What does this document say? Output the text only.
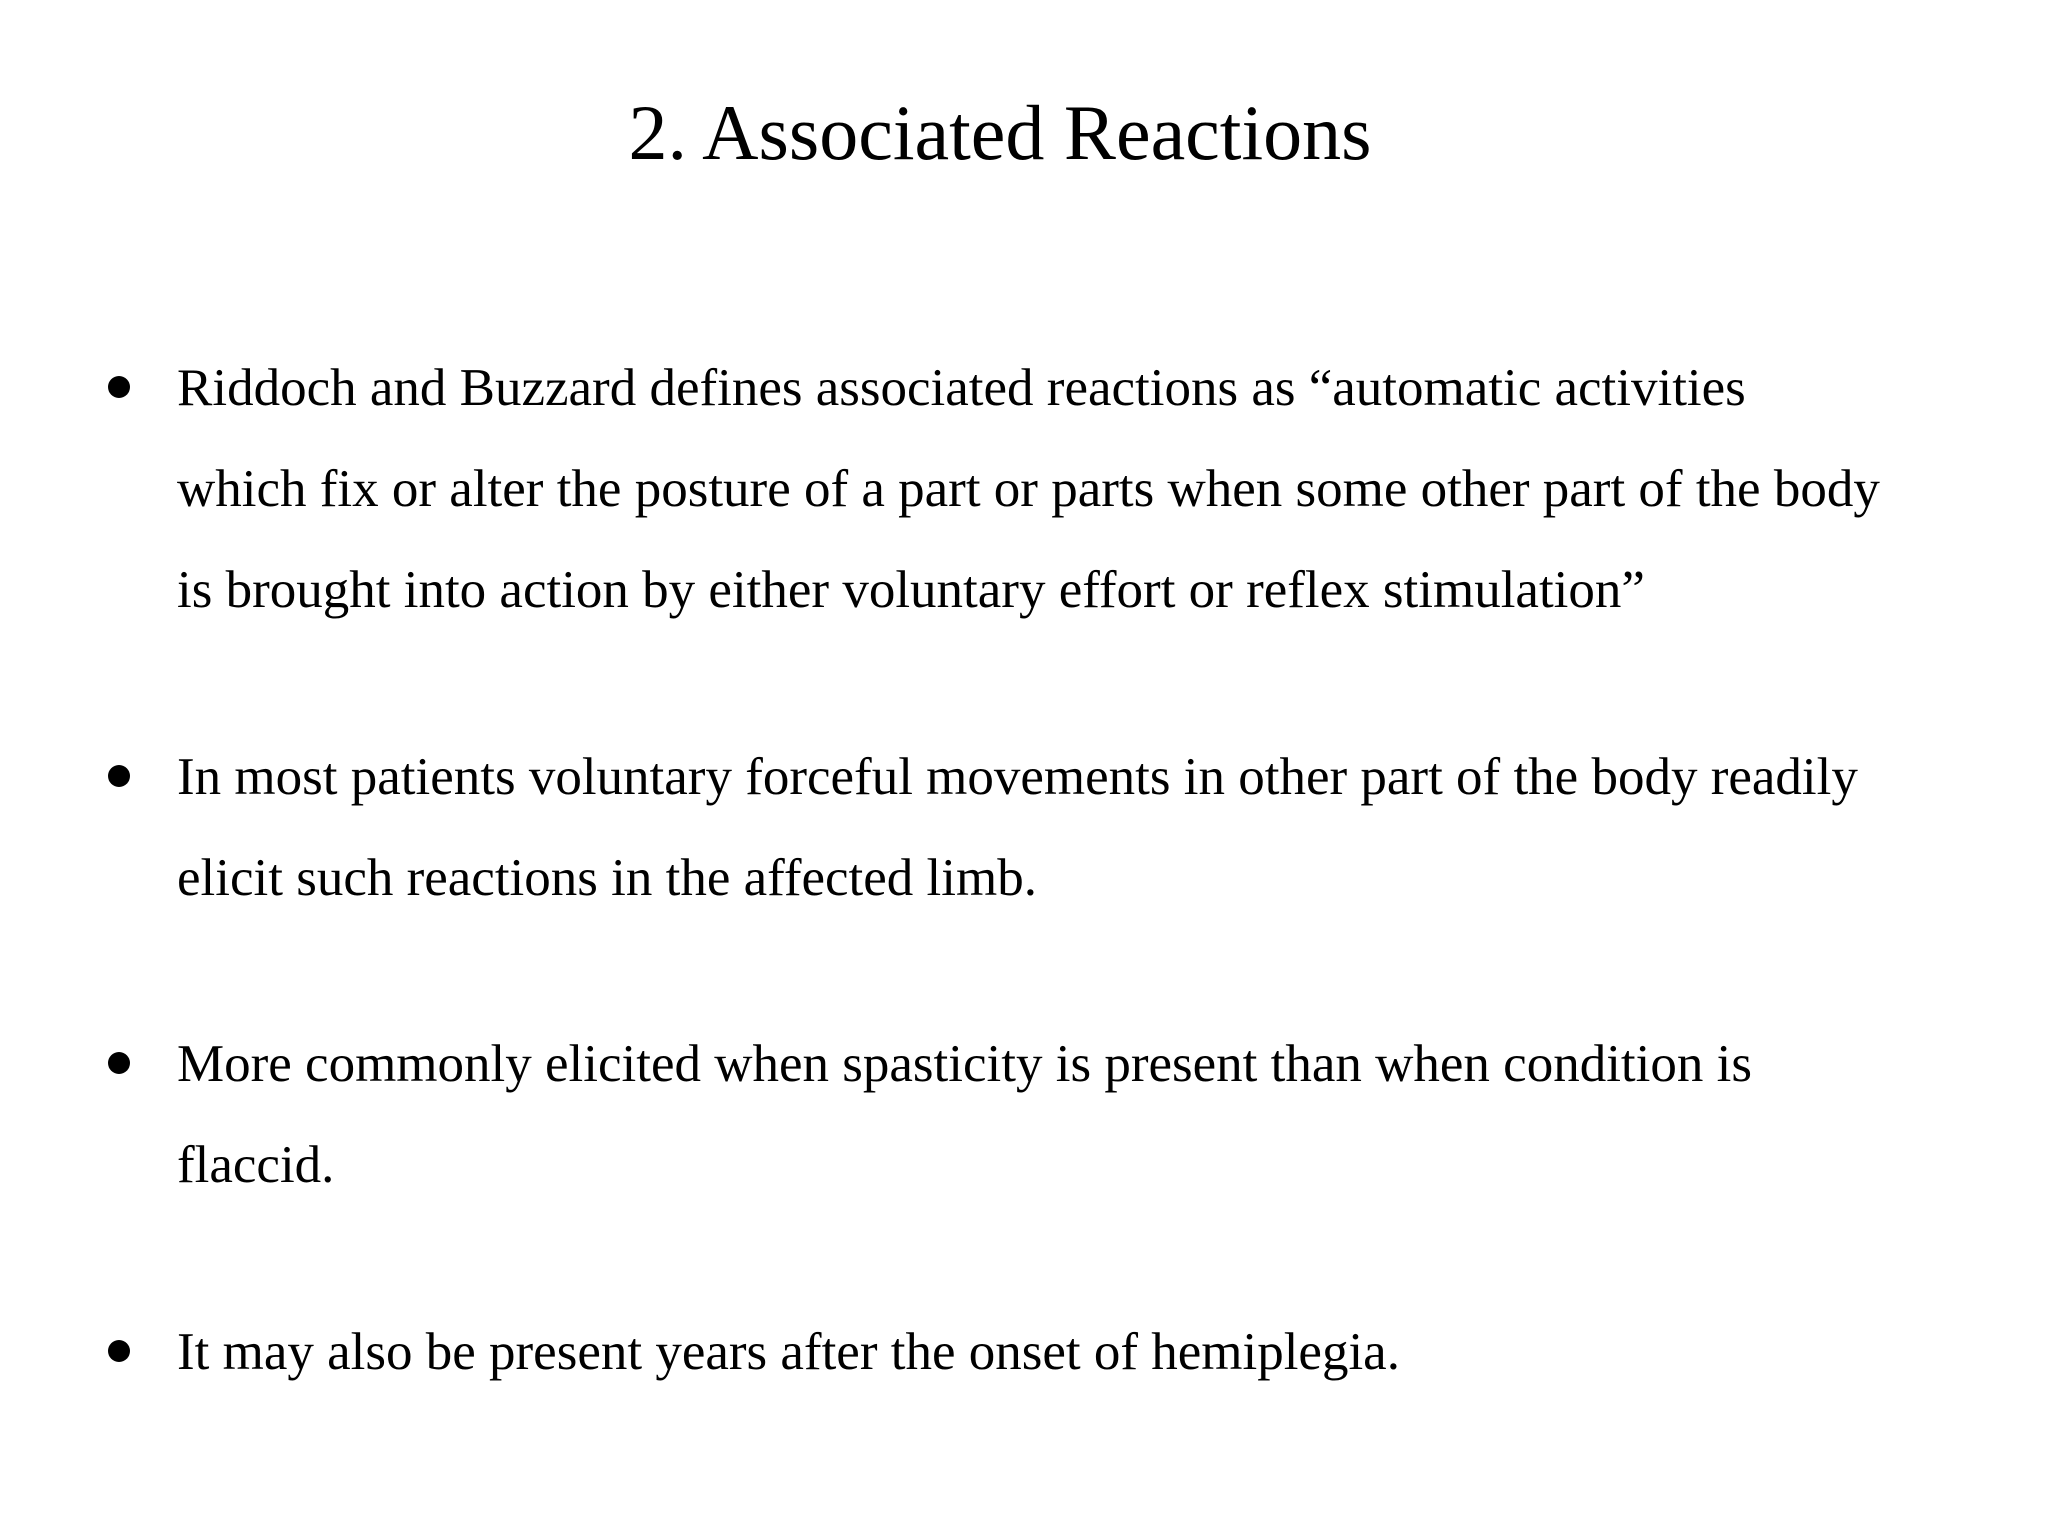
2. Associated Reactions
Riddoch and Buzzard defines associated reactions as “automatic activities
which fix or alter the posture of a part or parts when some other part of the body
is brought into action by either voluntary effort or reflex stimulation”
In most patients voluntary forceful movements in other part of the body readily
elicit such reactions in the affected limb.
More commonly elicited when spasticity is present than when condition is
flaccid.
It may also be present years after the onset of hemiplegia.
